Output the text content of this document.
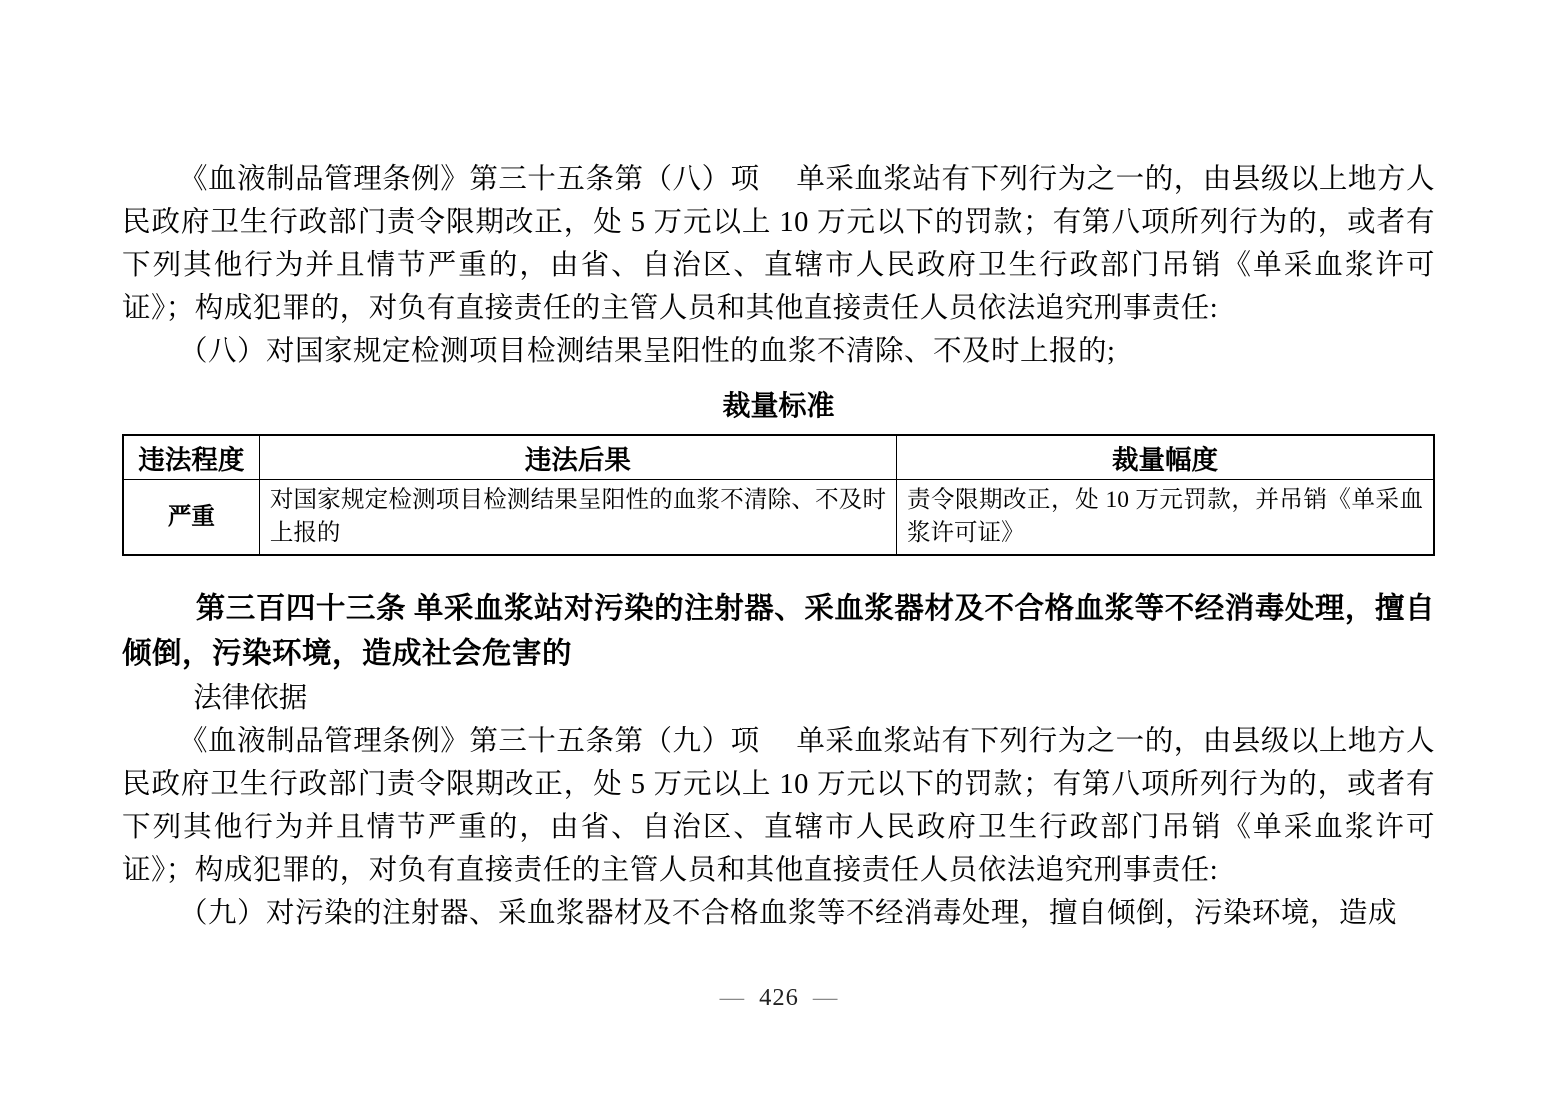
《血液制品管理条例》第三十五条第（八）项　 单采血浆站有下列行为之一的，由县级以上地方人民政府卫生行政部门责令限期改正，处 5 万元以上 10 万元以下的罚款；有第八项所列行为的，或者有下列其他行为并且情节严重的，由省、自治区、直辖市人民政府卫生行政部门吊销《单采血浆许可证》；构成犯罪的，对负有直接责任的主管人员和其他直接责任人员依法追究刑事责任:

（八）对国家规定检测项目检测结果呈阳性的血浆不清除、不及时上报的;

裁量标准
违法程度	违法后果	裁量幅度
严重	对国家规定检测项目检测结果呈阳性的血浆不清除、不及时上报的	责令限期改正，处 10 万元罚款，并吊销《单采血浆许可证》

第三百四十三条 单采血浆站对污染的注射器、采血浆器材及不合格血浆等不经消毒处理，擅自倾倒，污染环境，造成社会危害的

法律依据

《血液制品管理条例》第三十五条第（九）项　 单采血浆站有下列行为之一的，由县级以上地方人民政府卫生行政部门责令限期改正，处 5 万元以上 10 万元以下的罚款；有第八项所列行为的，或者有下列其他行为并且情节严重的，由省、自治区、直辖市人民政府卫生行政部门吊销《单采血浆许可证》；构成犯罪的，对负有直接责任的主管人员和其他直接责任人员依法追究刑事责任:

（九）对污染的注射器、采血浆器材及不合格血浆等不经消毒处理，擅自倾倒，污染环境，造成

— 426 —
